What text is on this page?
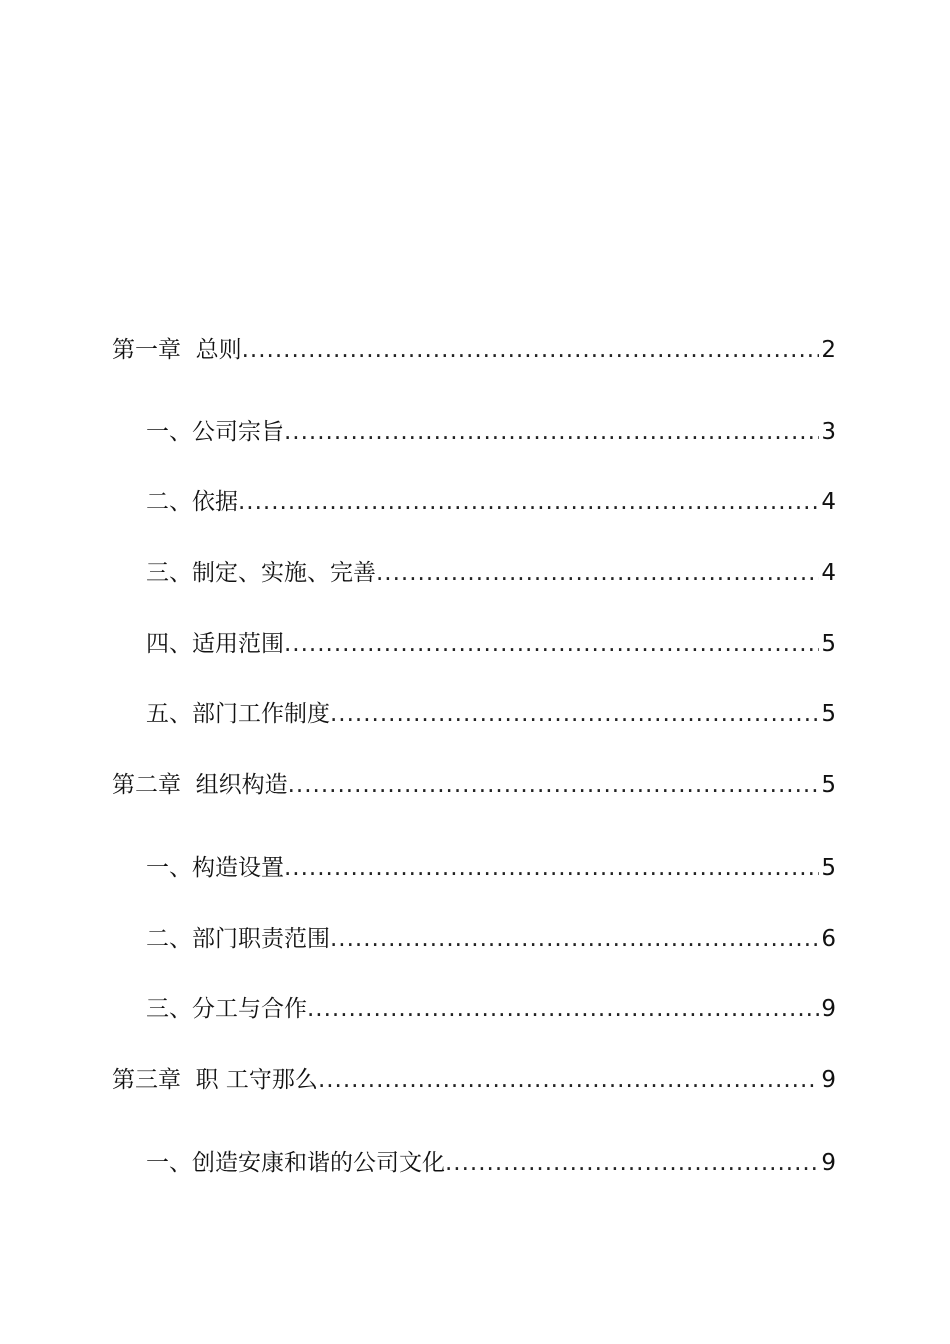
第一章  总则 .....	2
一、公司宗旨 .....	3
二、依据 .....	4
三、制定、实施、完善 .....	4
四、适用范围 .....	5
五、部门工作制度 .....	5
第二章  组织构造 .....	5
一、构造设置 .....	5
二、部门职责范围 .....	6
三、分工与合作 .....	9
第三章  职 工守那么 .....	9
一、创造安康和谐的公司文化 .....	9
